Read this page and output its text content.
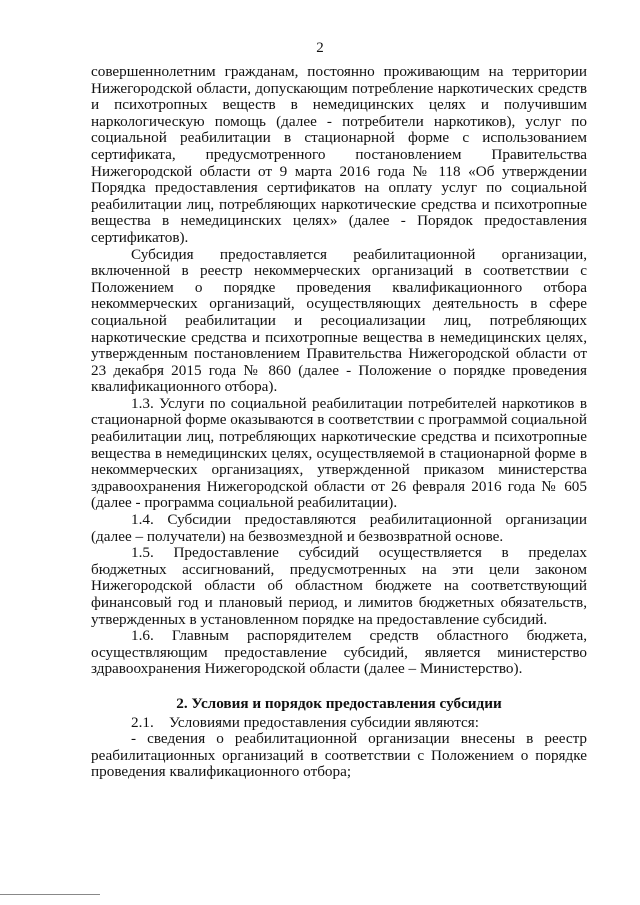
2

совершеннолетним гражданам, постоянно проживающим на территории Нижегородской области, допускающим потребление наркотических средств и психотропных веществ в немедицинских целях и получившим наркологическую помощь (далее - потребители наркотиков), услуг по социальной реабилитации в стационарной форме с использованием сертификата, предусмотренного постановлением Правительства Нижегородской области от 9 марта 2016 года № 118 «Об утверждении Порядка предоставления сертификатов на оплату услуг по социальной реабилитации лиц, потребляющих наркотические средства и психотропные вещества в немедицинских целях» (далее - Порядок предоставления сертификатов).

Субсидия предоставляется реабилитационной организации, включенной в реестр некоммерческих организаций в соответствии с Положением о порядке проведения квалификационного отбора некоммерческих организаций, осуществляющих деятельность в сфере социальной реабилитации и ресоциализации лиц, потребляющих наркотические средства и психотропные вещества в немедицинских целях, утвержденным постановлением Правительства Нижегородской области от 23 декабря 2015 года № 860 (далее - Положение о порядке проведения квалификационного отбора).

1.3. Услуги по социальной реабилитации потребителей наркотиков в стационарной форме оказываются в соответствии с программой социальной реабилитации лиц, потребляющих наркотические средства и психотропные вещества в немедицинских целях, осуществляемой в стационарной форме в некоммерческих организациях, утвержденной приказом министерства здравоохранения Нижегородской области от 26 февраля 2016 года № 605 (далее - программа социальной реабилитации).

1.4. Субсидии предоставляются реабилитационной организации (далее – получатели) на безвозмездной и безвозвратной основе.

1.5. Предоставление субсидий осуществляется в пределах бюджетных ассигнований, предусмотренных на эти цели законом Нижегородской области об областном бюджете на соответствующий финансовый год и плановый период, и лимитов бюджетных обязательств, утвержденных в установленном порядке на предоставление субсидий.

1.6. Главным распорядителем средств областного бюджета, осуществляющим предоставление субсидий, является министерство здравоохранения Нижегородской области (далее – Министерство).

2. Условия и порядок предоставления субсидии

2.1. Условиями предоставления субсидии являются:

- сведения о реабилитационной организации внесены в реестр реабилитационных организаций в соответствии с Положением о порядке проведения квалификационного отбора;
